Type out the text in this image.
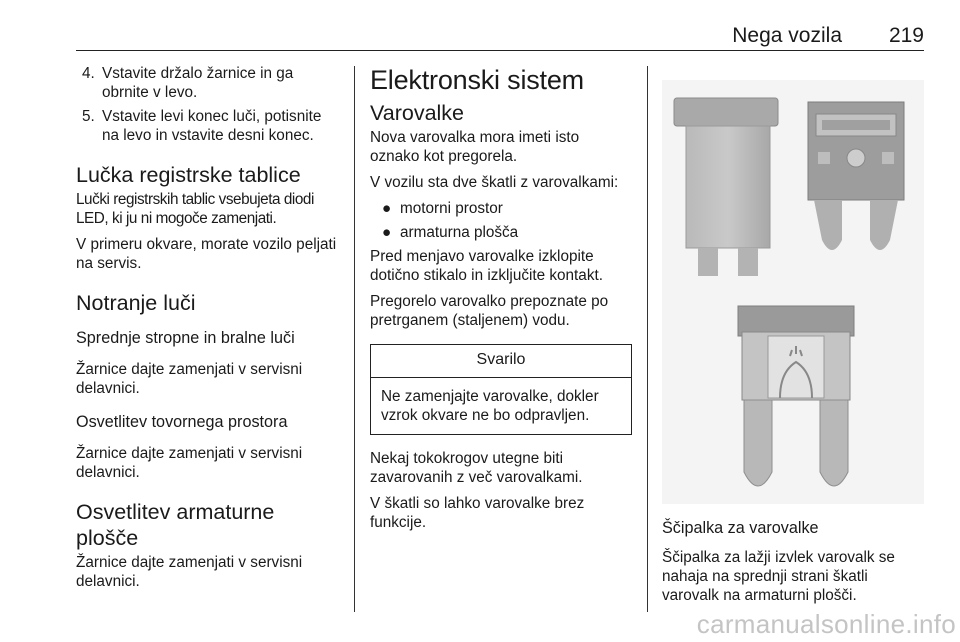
Nega vozila 219
4. Vstavite držalo žarnice in ga obrnite v levo.
5. Vstavite levi konec luči, potisnite na levo in vstavite desni konec.
Lučka registrske tablice

Lučki registrskih tablic vsebujeta diodi LED, ki ju ni mogoče zamenjati.

V primeru okvare, morate vozilo peljati na servis.

Notranje luči
Sprednje stropne in bralne luči

Žarnice dajte zamenjati v servisni delavnici.

Osvetlitev tovornega prostora

Žarnice dajte zamenjati v servisni delavnici.

Osvetlitev armaturne plošče

Žarnice dajte zamenjati v servisni delavnici.

Elektronski sistem
Varovalke

Nova varovalka mora imeti isto oznako kot pregorela.

V vozilu sta dve škatli z varovalkami:

● motorni prostor
● armaturna plošča

Pred menjavo varovalke izklopite dotično stikalo in izključite kontakt.

Pregorelo varovalko prepoznate po pretrganem (staljenem) vodu.

Svarilo
Ne zamenjajte varovalke, dokler vzrok okvare ne bo odpravljen.

Nekaj tokokrogov utegne biti zavarovanih z več varovalkami.

V škatli so lahko varovalke brez funkcije.	Ščipalka za varovalke

Ščipalka za lažji izvlek varovalk se nahaja na sprednji strani škatli varovalk na armaturni plošči.

carmanualsonline.info
